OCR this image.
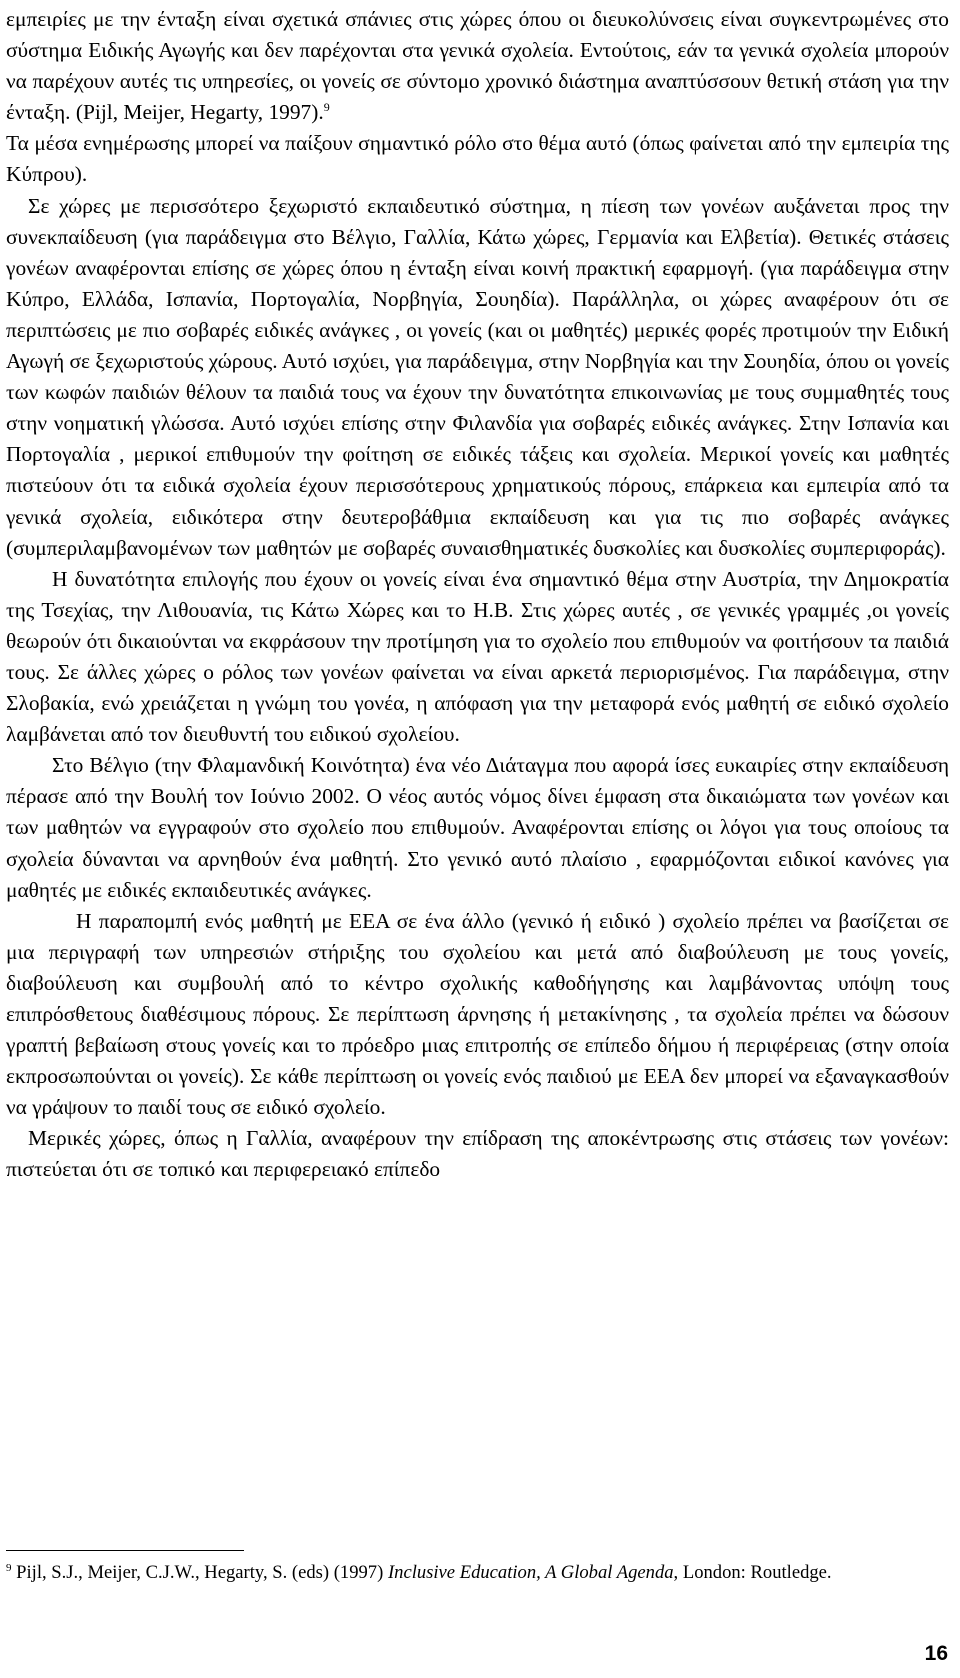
εμπειρίες με την ένταξη είναι σχετικά σπάνιες στις χώρες όπου οι διευκολύνσεις είναι συγκεντρωμένες στο σύστημα Ειδικής Αγωγής και δεν παρέχονται στα γενικά σχολεία. Εντούτοις, εάν τα γενικά σχολεία μπορούν να παρέχουν αυτές τις υπηρεσίες, οι γονείς σε σύντομο χρονικό διάστημα αναπτύσσουν θετική στάση για την ένταξη. (Pijl, Meijer, Hegarty, 1997).$^9$

Τα μέσα ενημέρωσης μπορεί να παίξουν σημαντικό ρόλο στο θέμα αυτό (όπως φαίνεται από την εμπειρία της Κύπρου).

Σε χώρες με περισσότερο ξεχωριστό εκπαιδευτικό σύστημα, η πίεση των γονέων αυξάνεται προς την συνεκπαίδευση (για παράδειγμα στο Βέλγιο, Γαλλία, Κάτω χώρες, Γερμανία και Ελβετία). Θετικές στάσεις γονέων αναφέρονται επίσης σε χώρες όπου η ένταξη είναι κοινή πρακτική εφαρμογή. (για παράδειγμα στην Κύπρο, Ελλάδα, Ισπανία, Πορτογαλία, Νορβηγία, Σουηδία). Παράλληλα, οι χώρες αναφέρουν ότι σε περιπτώσεις με πιο σοβαρές ειδικές ανάγκες , οι γονείς (και οι μαθητές) μερικές φορές προτιμούν την Ειδική Αγωγή σε ξεχωριστούς χώρους. Αυτό ισχύει, για παράδειγμα, στην Νορβηγία και την Σουηδία, όπου οι γονείς των κωφών παιδιών θέλουν τα παιδιά τους να έχουν την δυνατότητα επικοινωνίας με τους συμμαθητές τους στην νοηματική γλώσσα. Αυτό ισχύει επίσης στην Φιλανδία για σοβαρές ειδικές ανάγκες. Στην Ισπανία και Πορτογαλία , μερικοί επιθυμούν την φοίτηση σε ειδικές τάξεις και σχολεία. Μερικοί γονείς και μαθητές πιστεύουν ότι τα ειδικά σχολεία έχουν περισσότερους χρηματικούς πόρους, επάρκεια και εμπειρία από τα γενικά σχολεία, ειδικότερα στην δευτεροβάθμια εκπαίδευση και για τις πιο σοβαρές ανάγκες (συμπεριλαμβανομένων των μαθητών με σοβαρές συναισθηματικές δυσκολίες και δυσκολίες συμπεριφοράς).

Η δυνατότητα επιλογής που έχουν οι γονείς είναι ένα σημαντικό θέμα στην Αυστρία, την Δημοκρατία της Τσεχίας, την Λιθουανία, τις Κάτω Χώρες και το Η.Β. Στις χώρες αυτές , σε γενικές γραμμές ,οι γονείς θεωρούν ότι δικαιούνται να εκφράσουν την προτίμηση για το σχολείο που επιθυμούν να φοιτήσουν τα παιδιά τους. Σε άλλες χώρες ο ρόλος των γονέων φαίνεται να είναι αρκετά περιορισμένος. Για παράδειγμα, στην Σλοβακία, ενώ χρειάζεται η γνώμη του γονέα, η απόφαση για την μεταφορά ενός μαθητή σε ειδικό σχολείο λαμβάνεται από τον διευθυντή του ειδικού σχολείου.

Στο Βέλγιο (την Φλαμανδική Κοινότητα) ένα νέο Διάταγμα που αφορά ίσες ευκαιρίες στην εκπαίδευση πέρασε από την Βουλή τον Ιούνιο 2002. Ο νέος αυτός νόμος δίνει έμφαση στα δικαιώματα των γονέων και των μαθητών να εγγραφούν στο σχολείο που επιθυμούν. Αναφέρονται επίσης οι λόγοι για τους οποίους τα σχολεία δύνανται να αρνηθούν ένα μαθητή. Στο γενικό αυτό πλαίσιο , εφαρμόζονται ειδικοί κανόνες για μαθητές με ειδικές εκπαιδευτικές ανάγκες.

Η παραπομπή ενός μαθητή με ΕΕΑ σε ένα άλλο (γενικό ή ειδικό ) σχολείο πρέπει να βασίζεται σε μια περιγραφή των υπηρεσιών στήριξης του σχολείου και μετά από διαβούλευση με τους γονείς, διαβούλευση και συμβουλή από το κέντρο σχολικής καθοδήγησης και λαμβάνοντας υπόψη τους επιπρόσθετους διαθέσιμους πόρους. Σε περίπτωση άρνησης ή μετακίνησης , τα σχολεία πρέπει να δώσουν γραπτή βεβαίωση στους γονείς και το πρόεδρο μιας επιτροπής σε επίπεδο δήμου ή περιφέρειας (στην οποία εκπροσωπούνται οι γονείς). Σε κάθε περίπτωση οι γονείς ενός παιδιού με ΕΕΑ δεν μπορεί να εξαναγκασθούν να γράψουν το παιδί τους σε ειδικό σχολείο.

Μερικές χώρες, όπως η Γαλλία, αναφέρουν την επίδραση της αποκέντρωσης στις στάσεις των γονέων: πιστεύεται ότι σε τοπικό και περιφερειακό επίπεδο

$^9$ Pijl, S.J., Meijer, C.J.W., Hegarty, S. (eds) (1997) Inclusive Education, A Global Agenda, London: Routledge.
16
